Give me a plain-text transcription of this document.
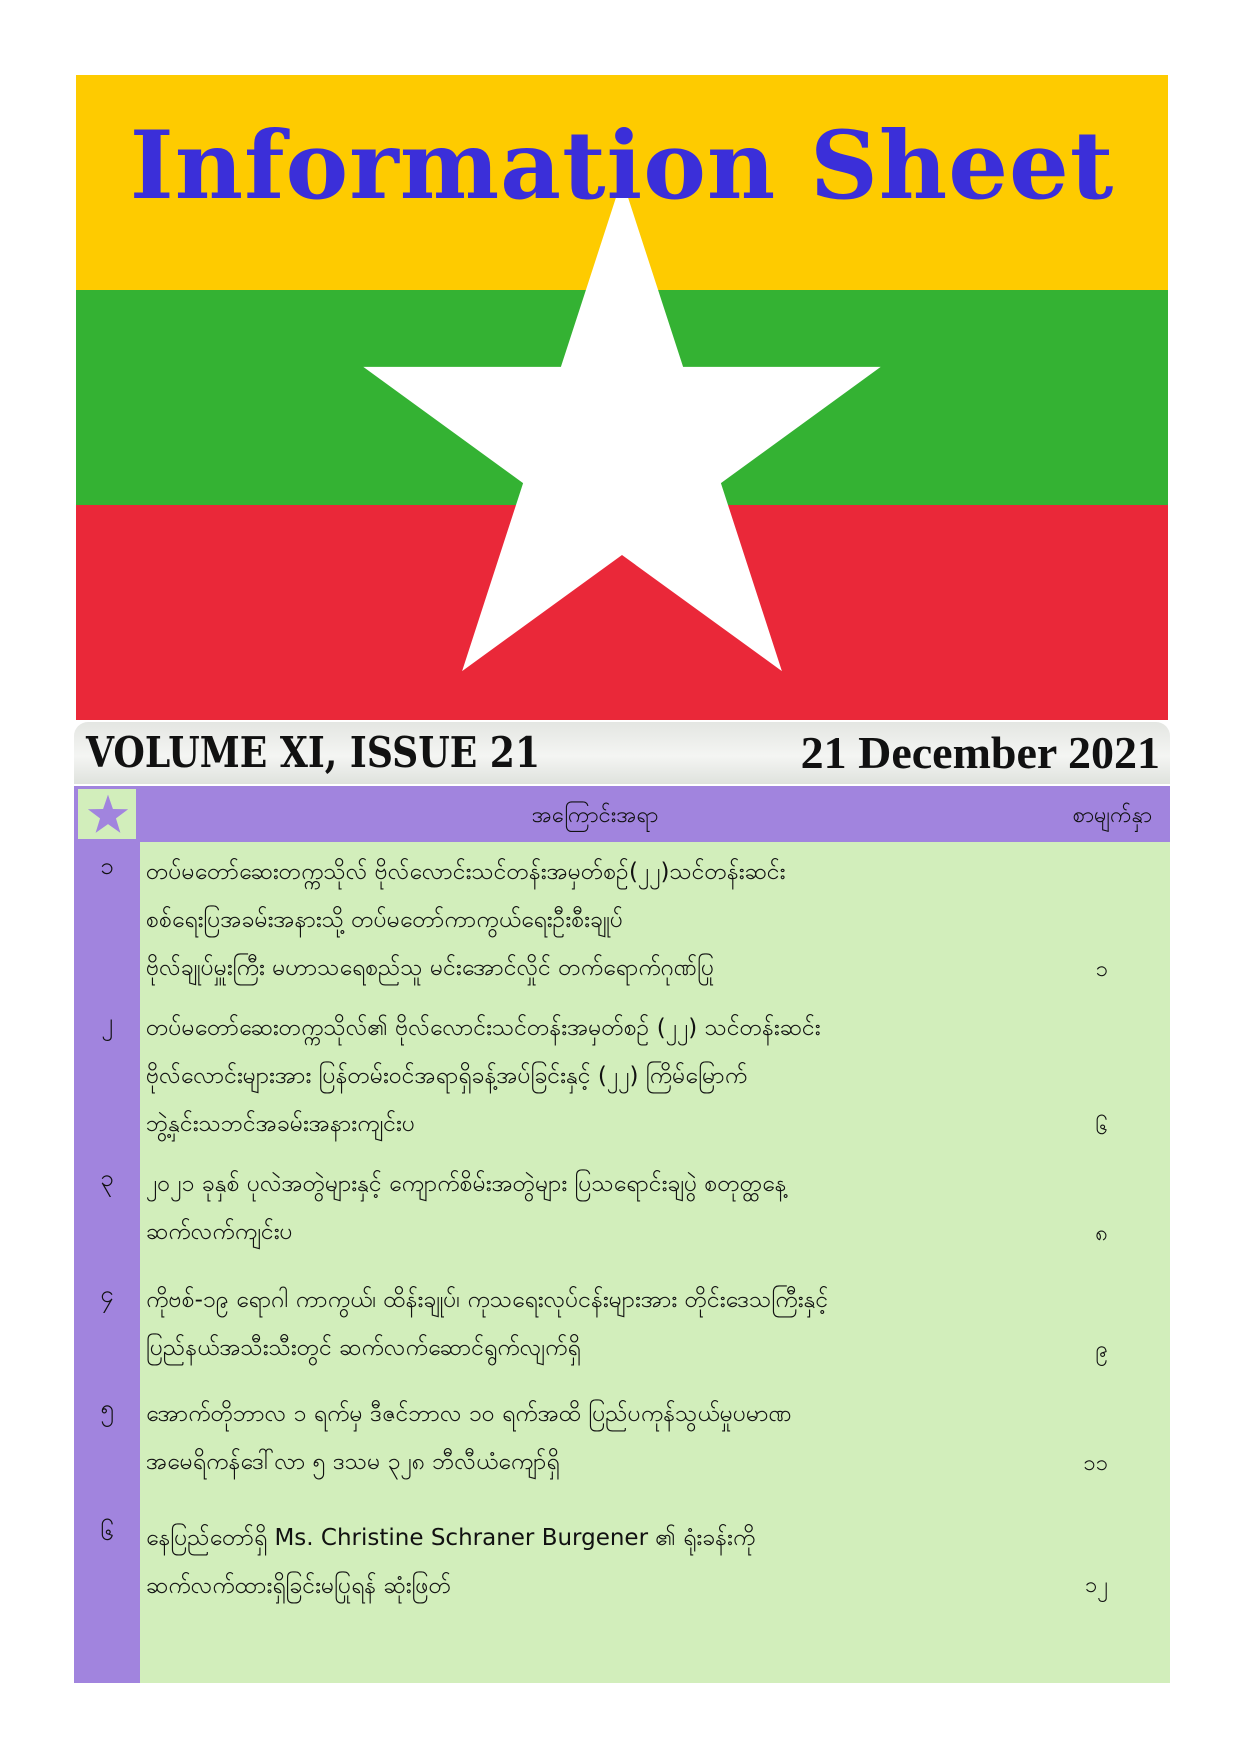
Information Sheet
VOLUME XI, ISSUE 21	21 December 2021
အကြောင်းအရာ	စာမျက်နှာ
၁	တပ်မတော်ဆေးတက္ကသိုလ် ဗိုလ်လောင်းသင်တန်းအမှတ်စဉ်(၂၂)သင်တန်းဆင်း
စစ်ရေးပြအခမ်းအနားသို့ တပ်မတော်ကာကွယ်ရေးဦးစီးချုပ်
ဗိုလ်ချုပ်မှူးကြီး မဟာသရေစည်သူ မင်းအောင်လှိုင် တက်ရောက်ဂုဏ်ပြု	၁
၂	တပ်မတော်ဆေးတက္ကသိုလ်၏ ဗိုလ်လောင်းသင်တန်းအမှတ်စဉ် (၂၂) သင်တန်းဆင်း
ဗိုလ်လောင်းများအား ပြန်တမ်းဝင်အရာရှိခန့်အပ်ခြင်းနှင့် (၂၂) ကြိမ်မြောက်
ဘွဲ့နှင်းသဘင်အခမ်းအနားကျင်းပ	၆
၃	၂၀၂၁ ခုနှစ် ပုလဲအတွဲများနှင့် ကျောက်စိမ်းအတွဲများ ပြသရောင်းချပွဲ စတုတ္ထနေ့
ဆက်လက်ကျင်းပ	၈
၄	ကိုဗစ်-၁၉ ရောဂါ ကာကွယ်၊ ထိန်းချုပ်၊ ကုသရေးလုပ်ငန်းများအား တိုင်းဒေသကြီးနှင့်
ပြည်နယ်အသီးသီးတွင် ဆက်လက်ဆောင်ရွက်လျက်ရှိ	၉
၅	အောက်တိုဘာလ ၁ ရက်မှ ဒီဇင်ဘာလ ၁၀ ရက်အထိ ပြည်ပကုန်သွယ်မှုပမာဏ
အမေရိကန်ဒေါ်လာ ၅ ဒသမ ၃၂၈ ဘီလီယံကျော်ရှိ	၁၁
၆	နေပြည်တော်ရှိ Ms. Christine Schraner Burgener ၏ ရုံးခန်းကို
ဆက်လက်ထားရှိခြင်းမပြုရန် ဆုံးဖြတ်	၁၂
